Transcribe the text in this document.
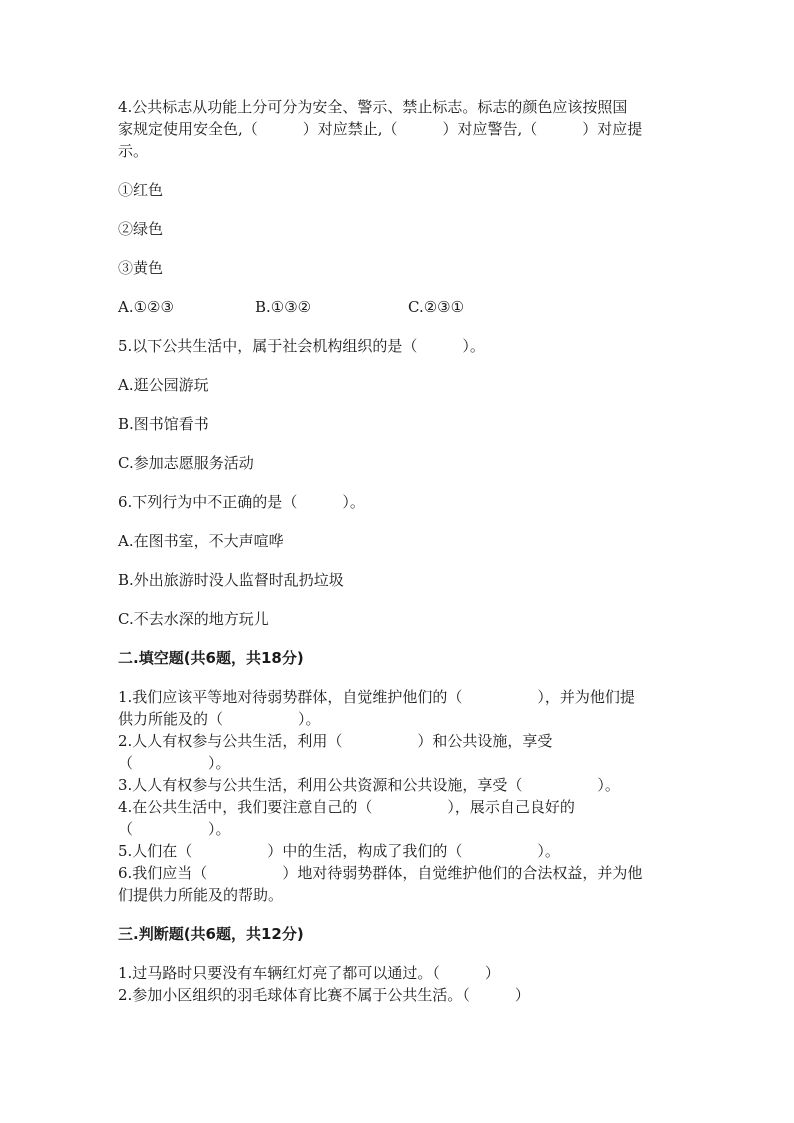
4.公共标志从功能上分可分为安全、警示、禁止标志。标志的颜色应该按照国

家规定使用安全色,（　　　）对应禁止,（　　　）对应警告,（　　　）对应提

示。

①红色

②绿色

③黄色

A.①②③	B.①③②	C.②③①

5.以下公共生活中，属于社会机构组织的是（　　　）。

A.逛公园游玩

B.图书馆看书

C.参加志愿服务活动

6.下列行为中不正确的是（　　　）。

A.在图书室，不大声喧哗

B.外出旅游时没人监督时乱扔垃圾

C.不去水深的地方玩儿

二.填空题(共6题，共18分)

1.我们应该平等地对待弱势群体，自觉维护他们的（　　　　　），并为他们提

供力所能及的（　　　　　）。

2.人人有权参与公共生活，利用（　　　　　）和公共设施，享受

（　　　　　）。

3.人人有权参与公共生活，利用公共资源和公共设施，享受（　　　　　）。

4.在公共生活中，我们要注意自己的（　　　　　），展示自己良好的

（　　　　　）。

5.人们在（　　　　　）中的生活，构成了我们的（　　　　　）。

6.我们应当（　　　　　）地对待弱势群体，自觉维护他们的合法权益，并为他

们提供力所能及的帮助。

三.判断题(共6题，共12分)

1.过马路时只要没有车辆红灯亮了都可以通过。（　　　）

2.参加小区组织的羽毛球体育比赛不属于公共生活。（　　　）
